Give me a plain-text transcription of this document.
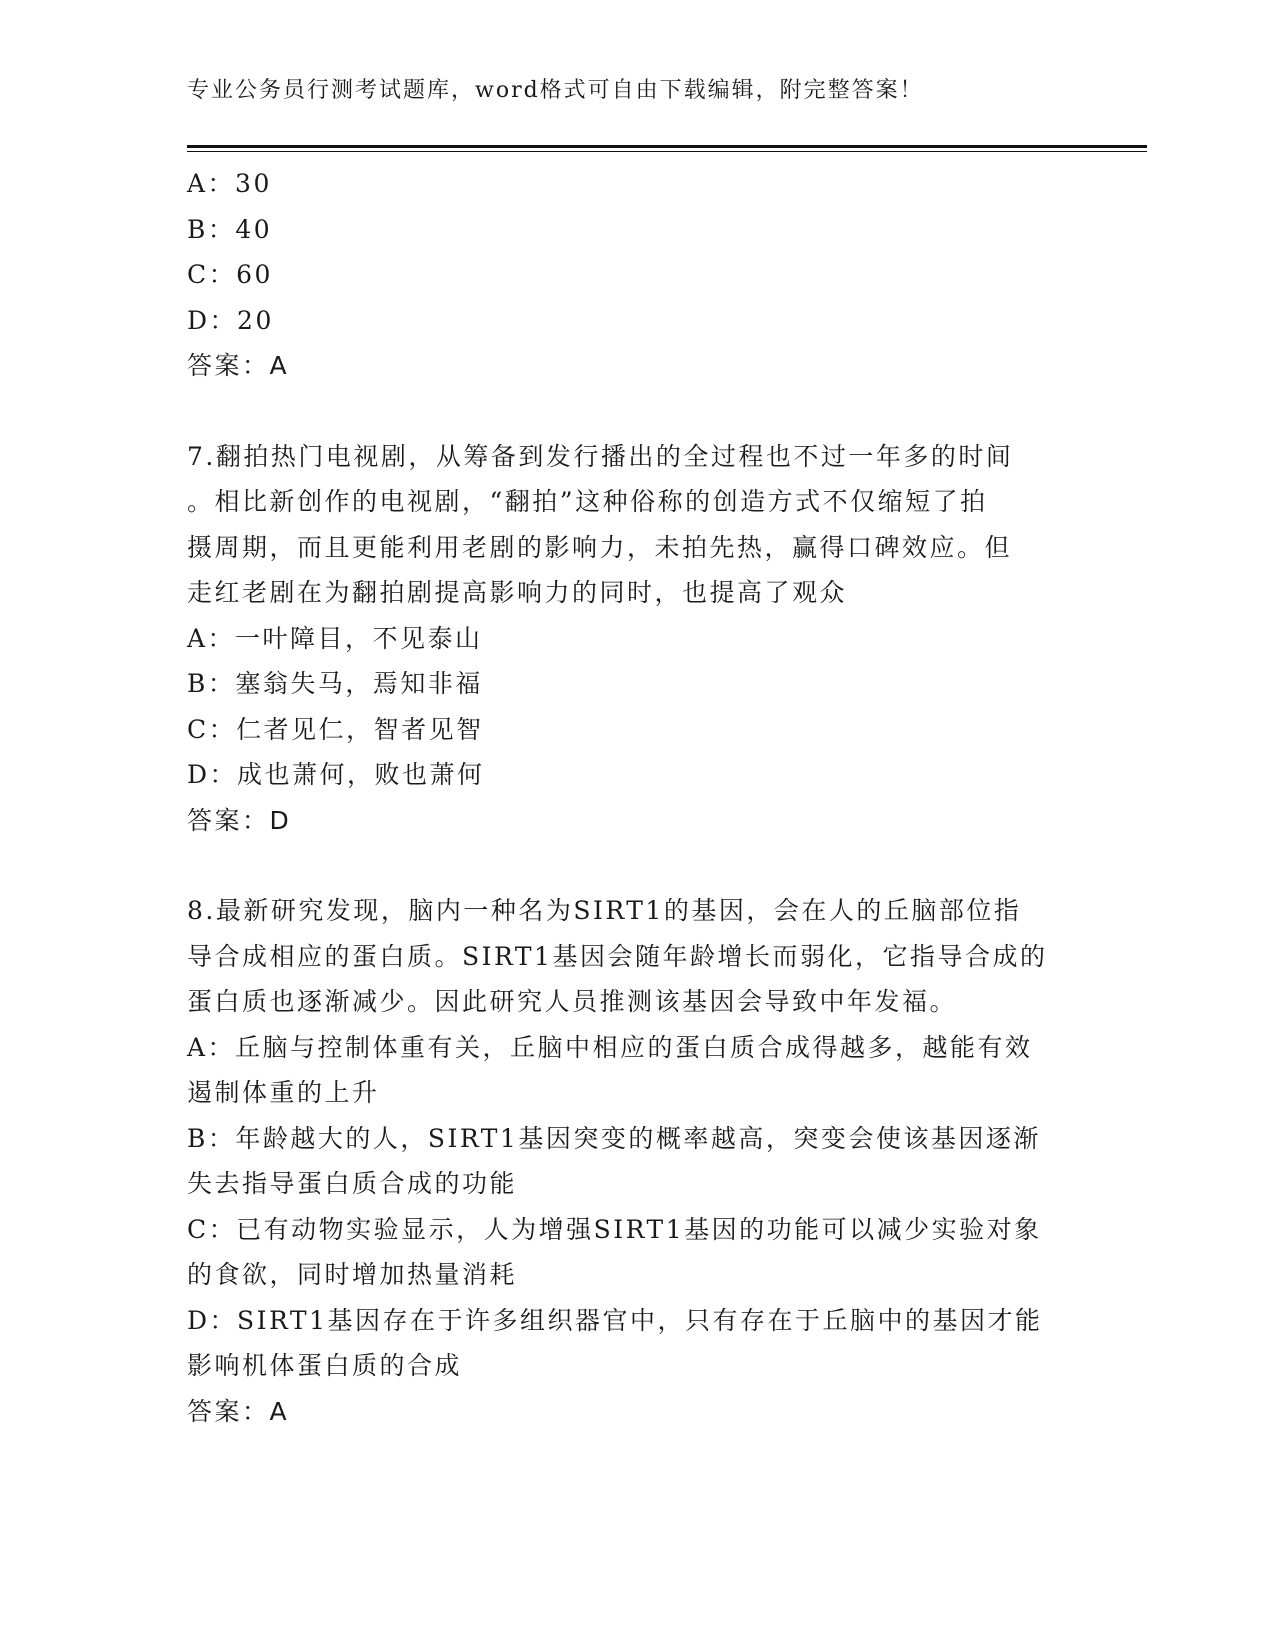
专业公务员行测考试题库，word格式可自由下载编辑，附完整答案！
A：30
B：40
C：60
D：20
答案：A
7.翻拍热门电视剧，从筹备到发行播出的全过程也不过一年多的时间
。相比新创作的电视剧，“翻拍”这种俗称的创造方式不仅缩短了拍
摄周期，而且更能利用老剧的影响力，未拍先热，赢得口碑效应。但
走红老剧在为翻拍剧提高影响力的同时，也提高了观众
A：一叶障目，不见泰山
B：塞翁失马，焉知非福
C：仁者见仁，智者见智
D：成也萧何，败也萧何
答案：D
8.最新研究发现，脑内一种名为SIRT1的基因，会在人的丘脑部位指
导合成相应的蛋白质。SIRT1基因会随年龄增长而弱化，它指导合成的
蛋白质也逐渐减少。因此研究人员推测该基因会导致中年发福。
A：丘脑与控制体重有关，丘脑中相应的蛋白质合成得越多，越能有效
遏制体重的上升
B：年龄越大的人，SIRT1基因突变的概率越高，突变会使该基因逐渐
失去指导蛋白质合成的功能
C：已有动物实验显示，人为增强SIRT1基因的功能可以减少实验对象
的食欲，同时增加热量消耗
D：SIRT1基因存在于许多组织器官中，只有存在于丘脑中的基因才能
影响机体蛋白质的合成
答案：A
